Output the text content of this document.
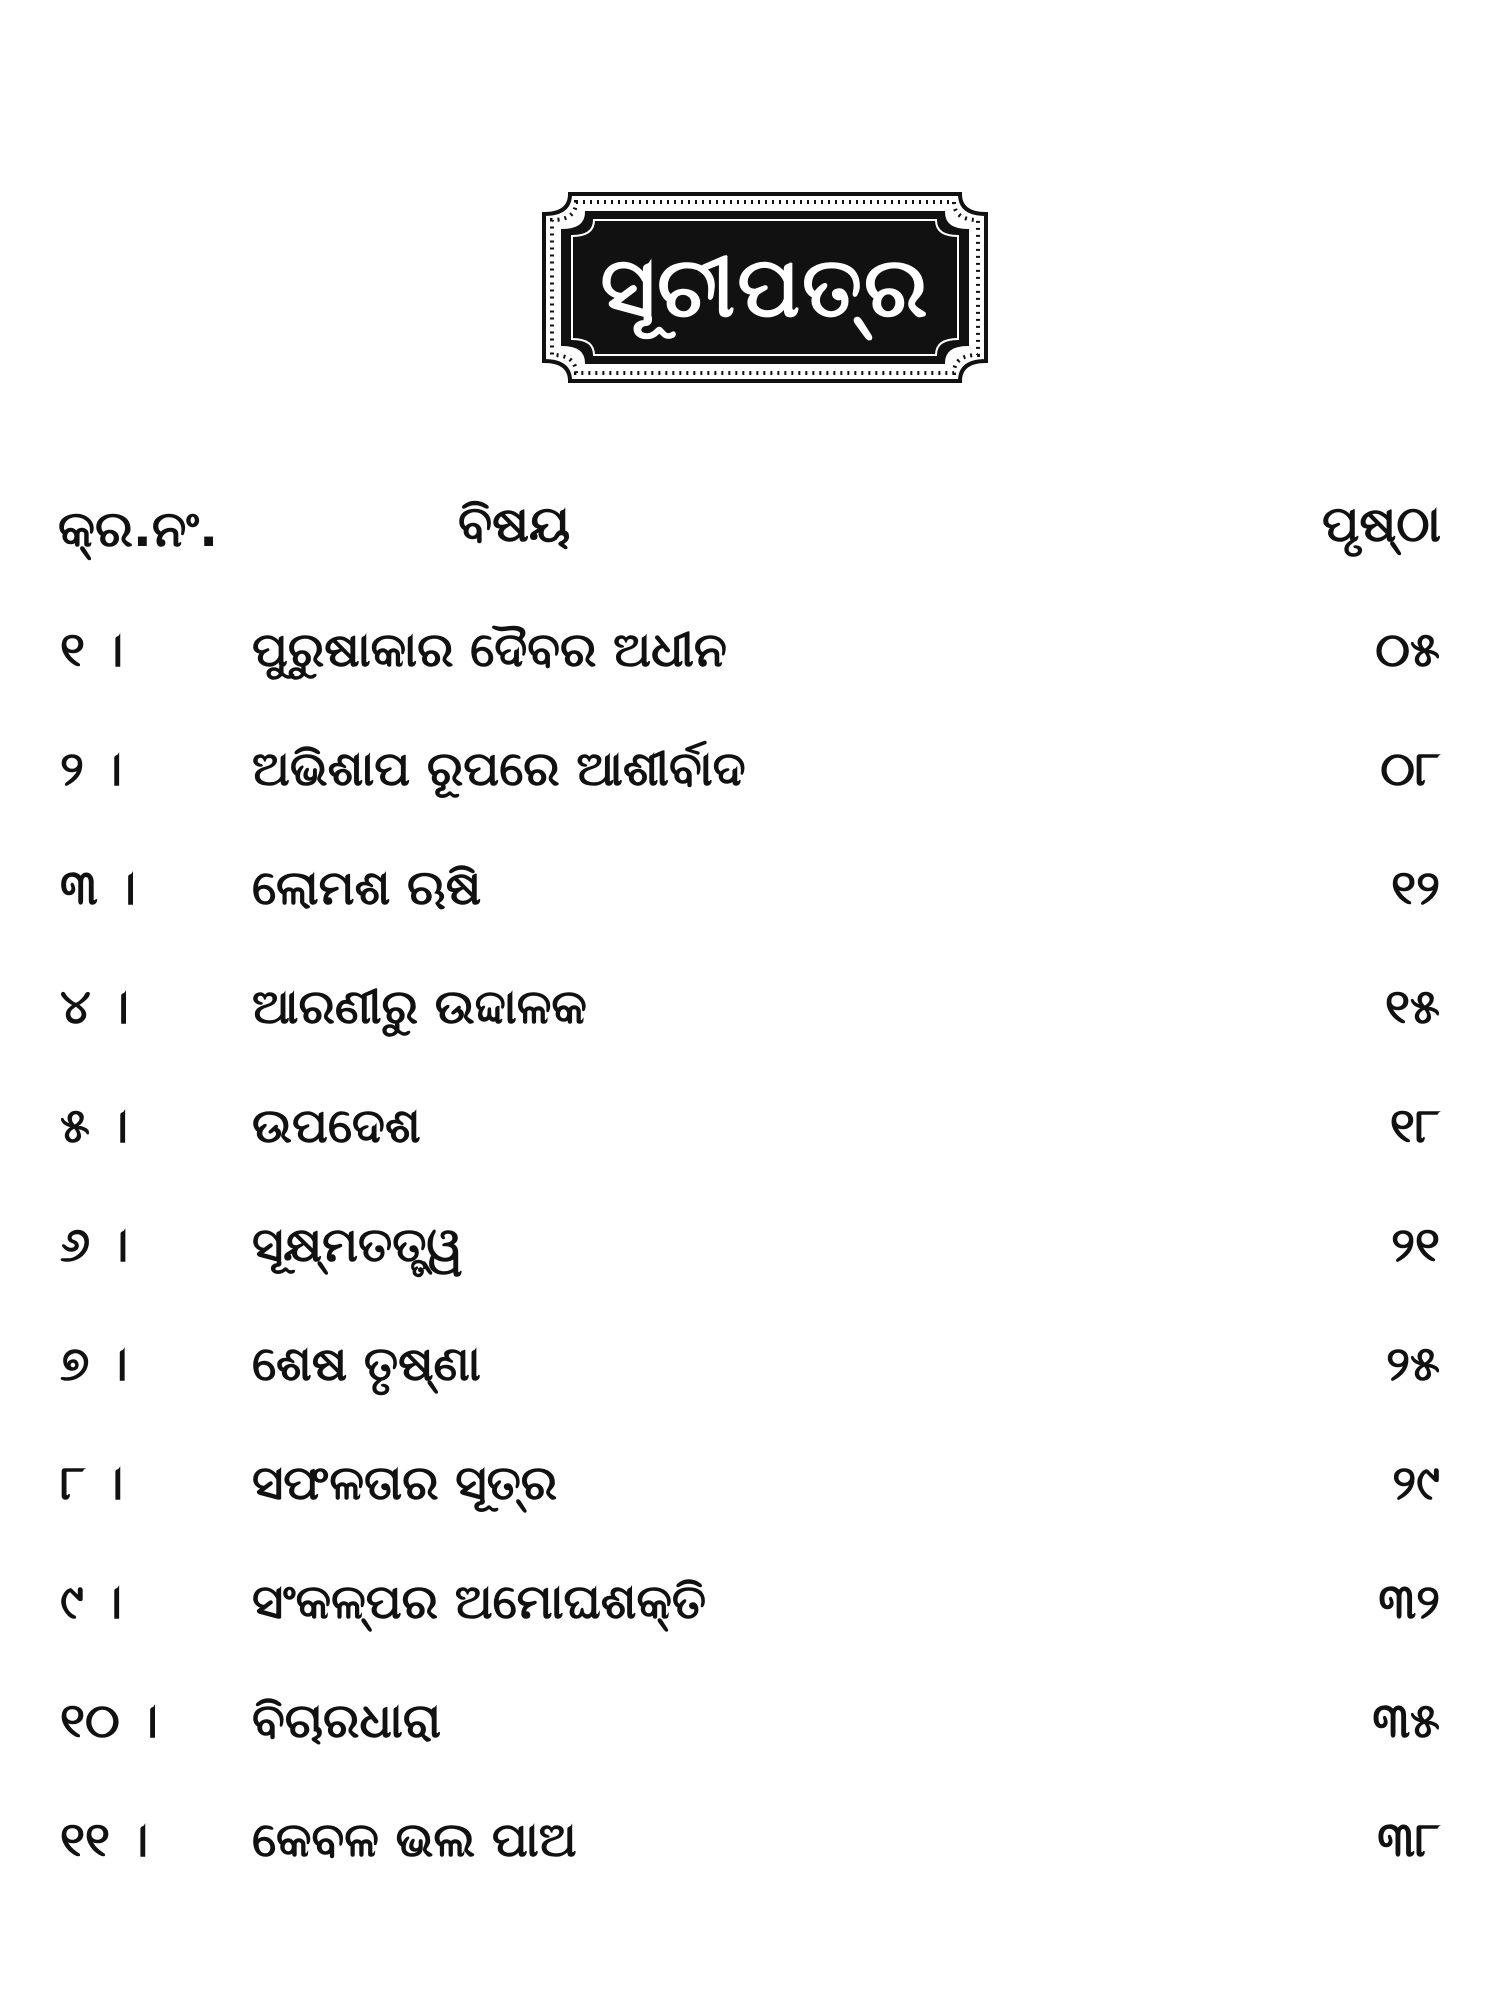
ସୂଚୀପତ୍ର
କ୍ର.ନଂ.	ବିଷୟ	ପୃଷ୍ଠା
୧ ।	ପୁରୁଷାକାର ଦୈବର ଅଧୀନ	୦୫
୨ ।	ଅଭିଶାପ ରୂପରେ ଆଶୀର୍ବାଦ	୦୮
୩ ।	ଲୋମଶ ଋଷି	୧୨
୪ ।	ଆରଣୀରୁ ଉଦ୍ଦାଳକ	୧୫
୫ ।	ଉପଦେଶ	୧୮
୬ ।	ସୂକ୍ଷ୍ମତତ୍ତ୍ୱ	୨୧
୭ ।	ଶେଷ ତୃଷ୍ଣା	୨୫
୮ ।	ସଫଳତାର ସୂତ୍ର	୨୯
୯ ।	ସଂକଳ୍ପର ଅମୋଘଶକ୍ତି	୩୨
୧୦ ।	ବିଚାରଧାରା	୩୫
୧୧ ।	କେବଳ ଭଲ ପାଅ	୩୮
